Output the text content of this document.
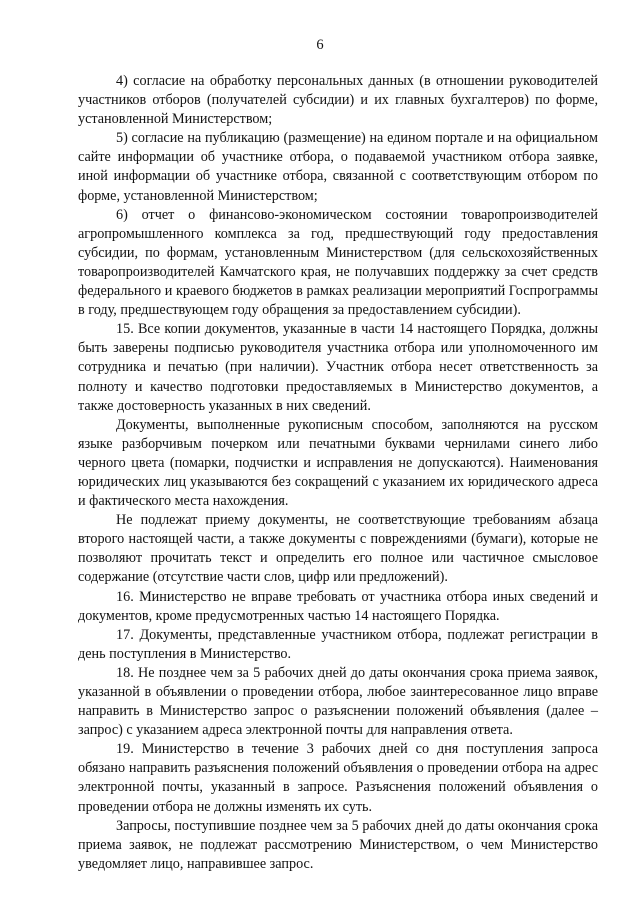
6

4) согласие на обработку персональных данных (в отношении руководителей участников отборов (получателей субсидии) и их главных бухгалтеров) по форме, установленной Министерством;

5) согласие на публикацию (размещение) на едином портале и на официальном сайте информации об участнике отбора, о подаваемой участником отбора заявке, иной информации об участнике отбора, связанной с соответствующим отбором по форме, установленной Министерством;

6) отчет о финансово-экономическом состоянии товаропроизводителей агропромышленного комплекса за год, предшествующий году предоставления субсидии, по формам, установленным Министерством (для сельскохозяйственных товаропроизводителей Камчатского края, не получавших поддержку за счет средств федерального и краевого бюджетов в рамках реализации мероприятий Госпрограммы в году, предшествующем году обращения за предоставлением субсидии).

15. Все копии документов, указанные в части 14 настоящего Порядка, должны быть заверены подписью руководителя участника отбора или уполномоченного им сотрудника и печатью (при наличии). Участник отбора несет ответственность за полноту и качество подготовки предоставляемых в Министерство документов, а также достоверность указанных в них сведений.

Документы, выполненные рукописным способом, заполняются на русском языке разборчивым почерком или печатными буквами чернилами синего либо черного цвета (помарки, подчистки и исправления не допускаются). Наименования юридических лиц указываются без сокращений с указанием их юридического адреса и фактического места нахождения.

Не подлежат приему документы, не соответствующие требованиям абзаца второго настоящей части, а также документы с повреждениями (бумаги), которые не позволяют прочитать текст и определить его полное или частичное смысловое содержание (отсутствие части слов, цифр или предложений).

16. Министерство не вправе требовать от участника отбора иных сведений и документов, кроме предусмотренных частью 14 настоящего Порядка.

17. Документы, представленные участником отбора, подлежат регистрации в день поступления в Министерство.

18. Не позднее чем за 5 рабочих дней до даты окончания срока приема заявок, указанной в объявлении о проведении отбора, любое заинтересованное лицо вправе направить в Министерство запрос о разъяснении положений объявления (далее – запрос) с указанием адреса электронной почты для направления ответа.

19. Министерство в течение 3 рабочих дней со дня поступления запроса обязано направить разъяснения положений объявления о проведении отбора на адрес электронной почты, указанный в запросе. Разъяснения положений объявления о проведении отбора не должны изменять их суть.

Запросы, поступившие позднее чем за 5 рабочих дней до даты окончания срока приема заявок, не подлежат рассмотрению Министерством, о чем Министерство уведомляет лицо, направившее запрос.
